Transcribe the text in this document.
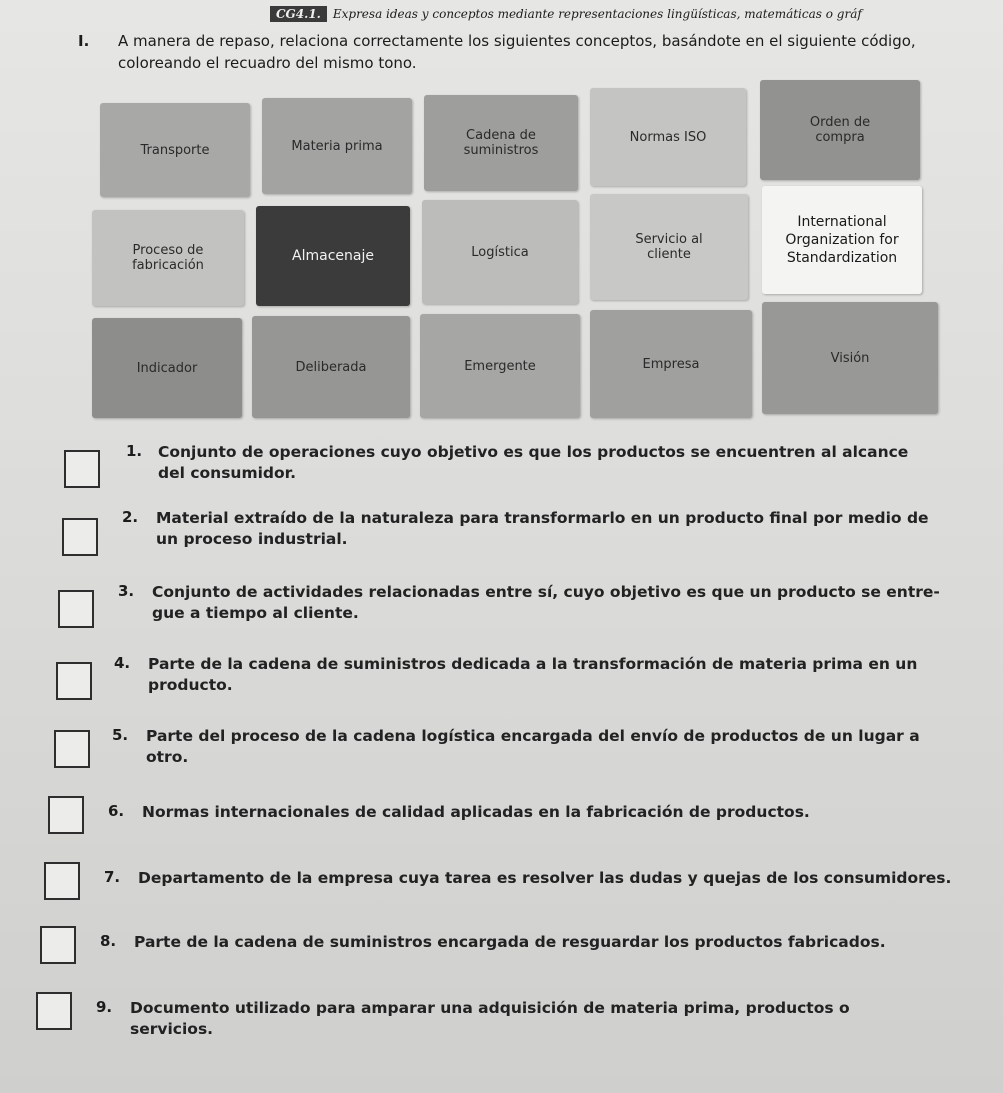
CG4.1. Expresa ideas y conceptos mediante representaciones lingüísticas, matemáticas o gráf
I. A manera de repaso, relaciona correctamente los siguientes conceptos, basándote en el siguiente código, coloreando el recuadro del mismo tono.
Transporte	Materia prima
Cadena de
suministros
Normas ISO
Orden de
compra
Proceso de
fabricación
Almacenaje	Logística
Servicio al
cliente
International
Organization for
Standardization
Indicador	Deliberada	Emergente	Empresa	Visión
1. Conjunto de operaciones cuyo objetivo es que los productos se encuentren al alcance
del consumidor.
2. Material extraído de la naturaleza para transformarlo en un producto final por medio de
un proceso industrial.
3. Conjunto de actividades relacionadas entre sí, cuyo objetivo es que un producto se entre-
gue a tiempo al cliente.
4. Parte de la cadena de suministros dedicada a la transformación de materia prima en un
producto.
5. Parte del proceso de la cadena logística encargada del envío de productos de un lugar a
otro.
6. Normas internacionales de calidad aplicadas en la fabricación de productos.
7. Departamento de la empresa cuya tarea es resolver las dudas y quejas de los consumidores.
8. Parte de la cadena de suministros encargada de resguardar los productos fabricados.
9. Documento utilizado para amparar una adquisición de materia prima, productos o
servicios.
